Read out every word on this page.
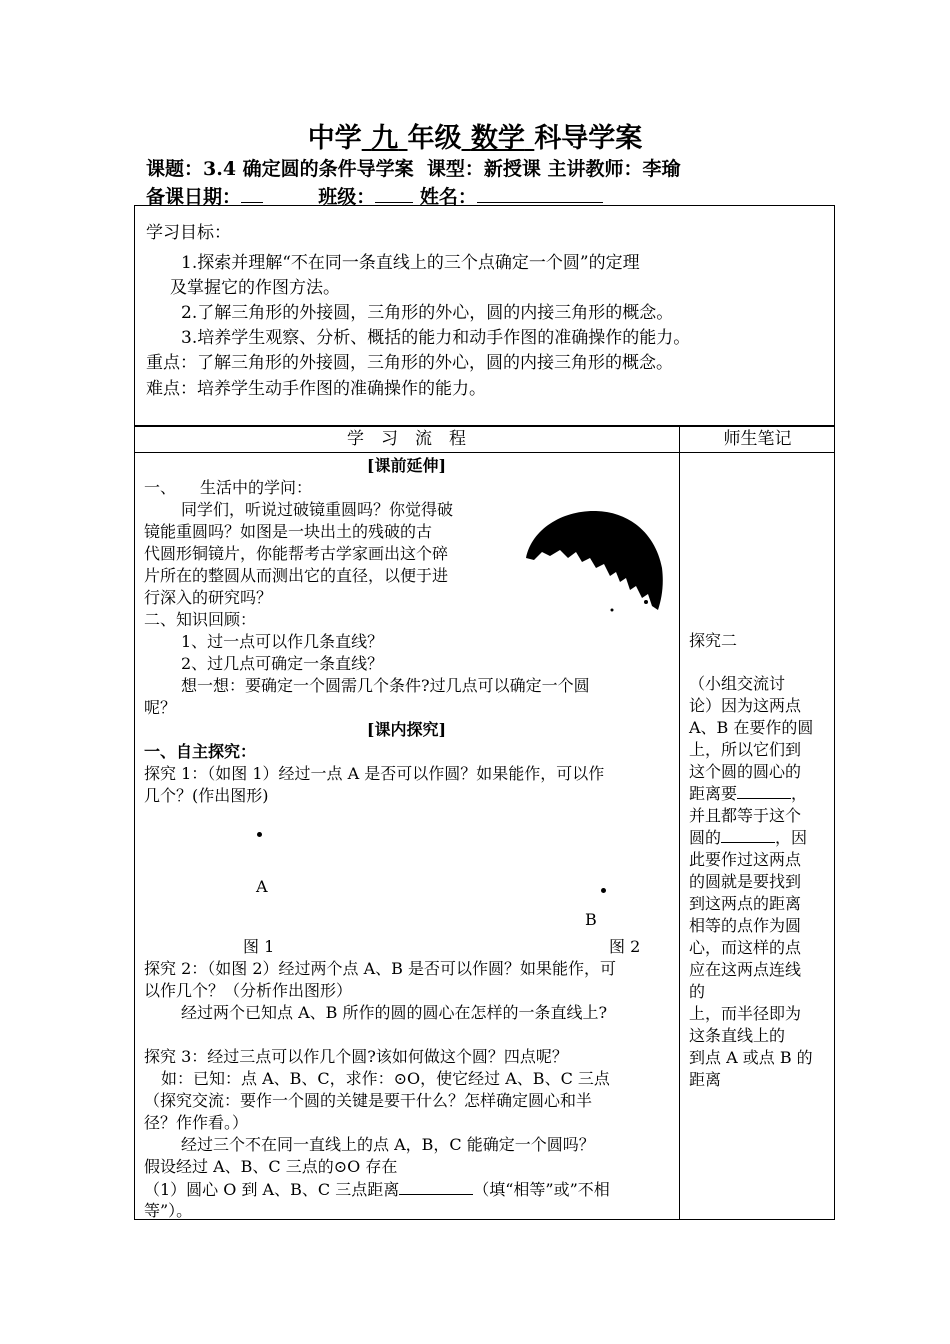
中学 九 年级 数学 科导学案
课题：3.4 确定圆的条件导学案 课型：新授课 主讲教师：李瑜
备课日期：	班级： 姓名：
学习目标：
1.探索并理解“不在同一条直线上的三个点确定一个圆”的定理
及掌握它的作图方法。
2.了解三角形的外接圆，三角形的外心，圆的内接三角形的概念。
3.培养学生观察、分析、概括的能力和动手作图的准确操作的能力。
重点：了解三角形的外接圆，三角形的外心，圆的内接三角形的概念。
难点：培养学生动手作图的准确操作的能力。
学　习　流　程	师生笔记
[课前延伸]
一、　　生活中的学问：
同学们，听说过破镜重圆吗？你觉得破
镜能重圆吗？如图是一块出土的残破的古
代圆形铜镜片，你能帮考古学家画出这个碎
片所在的整圆从而测出它的直径，以便于进
行深入的研究吗？
二、知识回顾：
1、过一点可以作几条直线？
2、过几点可确定一条直线？
想一想：要确定一个圆需几个条件?过几点可以确定一个圆
呢？
[课内探究]
一、自主探究：
探究 1：（如图 1）经过一点 A 是否可以作圆？如果能作，可以作
几个？(作出图形)
A
B
图 1	图 2
探究 2：（如图 2）经过两个点 A、B 是否可以作圆？如果能作，可
以作几个？（分析作出图形）
经过两个已知点 A、B 所作的圆的圆心在怎样的一条直线上?
探究 3：经过三点可以作几个圆?该如何做这个圆？四点呢？
如：已知：点 A、B、C，求作：⊙O，使它经过 A、B、C 三点
（探究交流：要作一个圆的关键是要干什么？怎样确定圆心和半
径？作作看。）
经过三个不在同一直线上的点 A，B，C 能确定一个圆吗？
假设经过 A、B、C 三点的⊙O 存在
（1）圆心 O 到 A、B、C 三点距离	（填“相等”或”不相
等”）。
探究二
（小组交流讨
论）因为这两点
A、B 在要作的圆
上，所以它们到
这个圆的圆心的
距离要	，
并且都等于这个
圆的	，因
此要作过这两点
的圆就是要找到
到这两点的距离
相等的点作为圆
心，而这样的点
应在这两点连线
的
上，而半径即为
这条直线上的
到点 A 或点 B 的
距离
